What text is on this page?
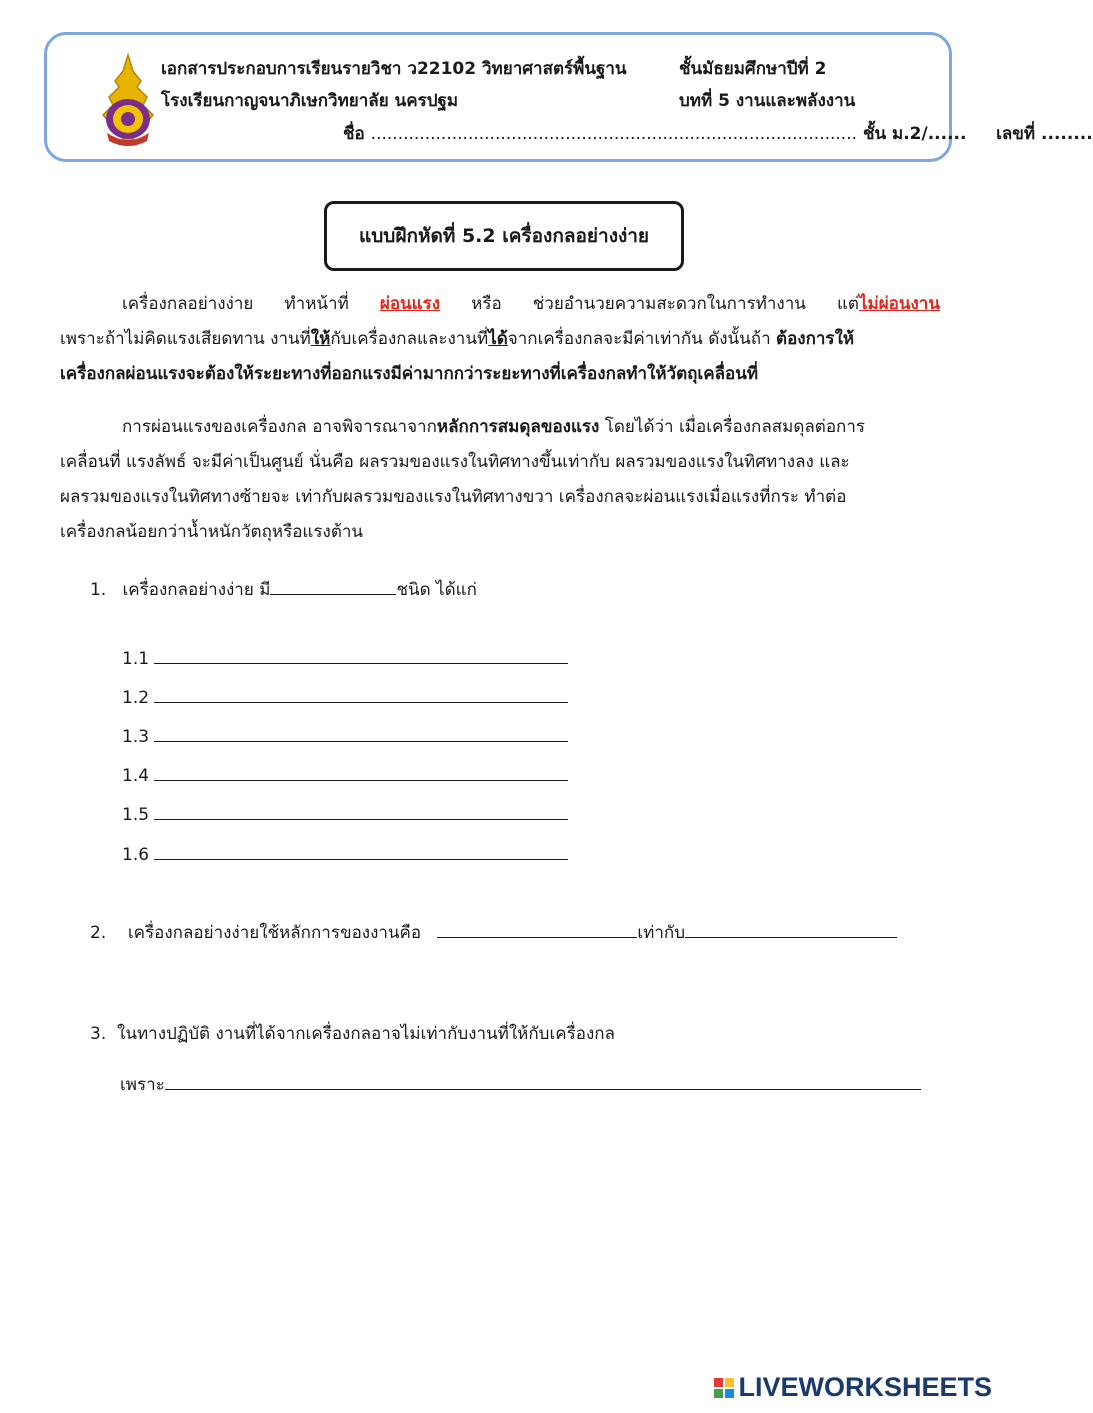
เอกสารประกอบการเรียนรายวิชา ว22102 วิทยาศาสตร์พื้นฐาน	ชั้นมัธยมศึกษาปีที่ 2
โรงเรียนกาญจนาภิเษกวิทยาลัย นครปฐม	บทที่ 5 งานและพลังงาน
ชื่อ .......................................................................................... ชั้น ม.2/...... เลขที่ ........
แบบฝึกหัดที่ 5.2 เครื่องกลอย่างง่าย
เครื่องกลอย่างง่าย ทำหน้าที่ ผ่อนแรง หรือ ช่วยอำนวยความสะดวกในการทำงาน แต่ไม่ผ่อนงาน
เพราะถ้าไม่คิดแรงเสียดทาน งานที่ ให้ กับเครื่องกลและงานที่ ได้ จากเครื่องกลจะมีค่าเท่ากัน ดังนั้นถ้า
ต้องการให้
เครื่องกลผ่อนแรงจะต้องให้ระยะทางที่ออกแรงมีค่ามากกว่าระยะทางที่เครื่องกลทำให้วัตถุเคลื่อนที่
การผ่อนแรงของเครื่องกล อาจพิจารณาจาก หลักการสมดุลของแรง
โดยได้ว่า เมื่อเครื่องกลสมดุลต่อการ
เคลื่อนที่ แรงลัพธ์ จะมีค่าเป็นศูนย์ นั่นคือ ผลรวมของแรงในทิศทางขึ้นเท่ากับ ผลรวมของแรงในทิศทางลง และ
ผลรวมของแรงในทิศทางซ้ายจะ เท่ากับผลรวมของแรงในทิศทางขวา เครื่องกลจะผ่อนแรงเมื่อแรงที่กระ ทำต่อ
เครื่องกลน้อยกว่าน้ำหนักวัตถุหรือแรงต้าน
1. เครื่องกลอย่างง่าย มี	ชนิด ได้แก่
1.1
1.2
1.3
1.4
1.5
1.6
2. เครื่องกลอย่างง่ายใช้หลักการของงานคือ	เท่ากับ
3. ในทางปฏิบัติ งานที่ได้จากเครื่องกลอาจไม่เท่ากับงานที่ให้กับเครื่องกล
เพราะ
LIVEWORKSHEETS
